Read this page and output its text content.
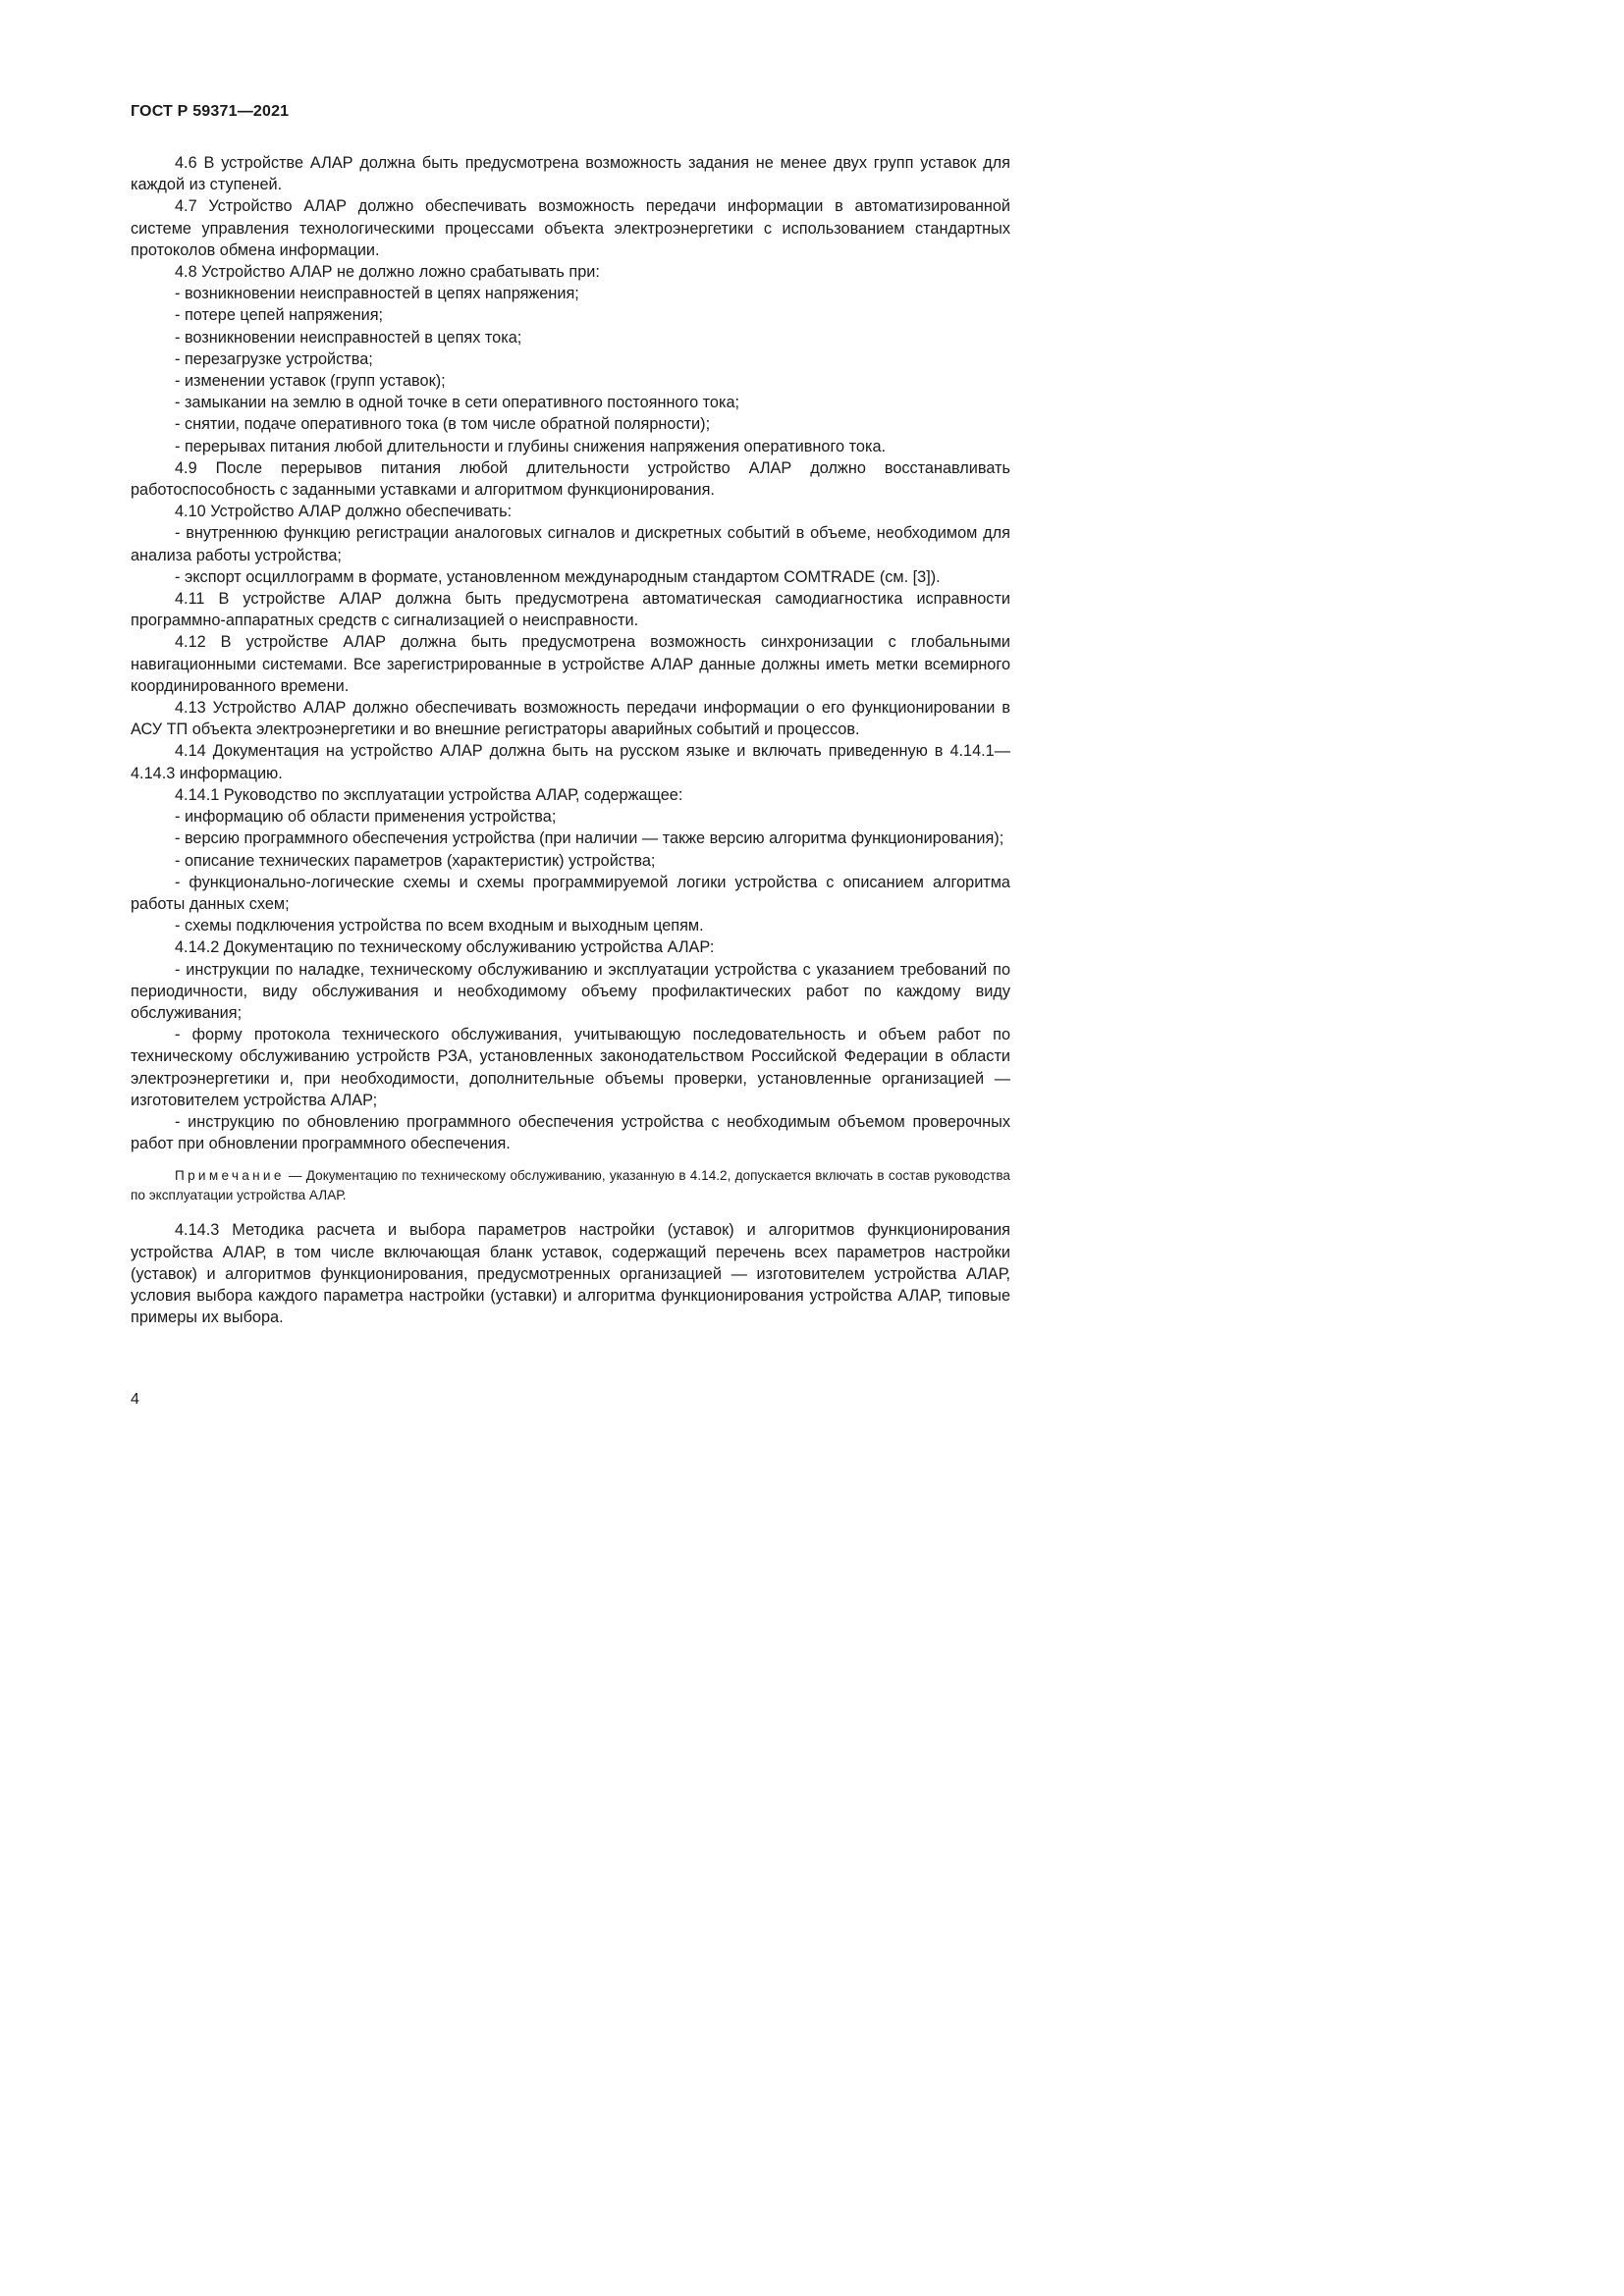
ГОСТ Р 59371—2021

4.6 В устройстве АЛАР должна быть предусмотрена возможность задания не менее двух групп уставок для каждой из ступеней.

4.7 Устройство АЛАР должно обеспечивать возможность передачи информации в автоматизированной системе управления технологическими процессами объекта электроэнергетики с использованием стандартных протоколов обмена информации.

4.8 Устройство АЛАР не должно ложно срабатывать при:

- возникновении неисправностей в цепях напряжения;

- потере цепей напряжения;

- возникновении неисправностей в цепях тока;

- перезагрузке устройства;

- изменении уставок (групп уставок);

- замыкании на землю в одной точке в сети оперативного постоянного тока;

- снятии, подаче оперативного тока (в том числе обратной полярности);

- перерывах питания любой длительности и глубины снижения напряжения оперативного тока.

4.9 После перерывов питания любой длительности устройство АЛАР должно восстанавливать работоспособность с заданными уставками и алгоритмом функционирования.

4.10 Устройство АЛАР должно обеспечивать:

- внутреннюю функцию регистрации аналоговых сигналов и дискретных событий в объеме, необходимом для анализа работы устройства;

- экспорт осциллограмм в формате, установленном международным стандартом COMTRADE (см. [3]).

4.11 В устройстве АЛАР должна быть предусмотрена автоматическая самодиагностика исправности программно-аппаратных средств с сигнализацией о неисправности.

4.12 В устройстве АЛАР должна быть предусмотрена возможность синхронизации с глобальными навигационными системами. Все зарегистрированные в устройстве АЛАР данные должны иметь метки всемирного координированного времени.

4.13 Устройство АЛАР должно обеспечивать возможность передачи информации о его функционировании в АСУ ТП объекта электроэнергетики и во внешние регистраторы аварийных событий и процессов.

4.14 Документация на устройство АЛАР должна быть на русском языке и включать приведенную в 4.14.1—4.14.3 информацию.

4.14.1 Руководство по эксплуатации устройства АЛАР, содержащее:

- информацию об области применения устройства;

- версию программного обеспечения устройства (при наличии — также версию алгоритма функционирования);

- описание технических параметров (характеристик) устройства;

- функционально-логические схемы и схемы программируемой логики устройства с описанием алгоритма работы данных схем;

- схемы подключения устройства по всем входным и выходным цепям.

4.14.2 Документацию по техническому обслуживанию устройства АЛАР:

- инструкции по наладке, техническому обслуживанию и эксплуатации устройства с указанием требований по периодичности, виду обслуживания и необходимому объему профилактических работ по каждому виду обслуживания;

- форму протокола технического обслуживания, учитывающую последовательность и объем работ по техническому обслуживанию устройств РЗА, установленных законодательством Российской Федерации в области электроэнергетики и, при необходимости, дополнительные объемы проверки, установленные организацией — изготовителем устройства АЛАР;

- инструкцию по обновлению программного обеспечения устройства с необходимым объемом проверочных работ при обновлении программного обеспечения.

Примечание — Документацию по техническому обслуживанию, указанную в 4.14.2, допускается включать в состав руководства по эксплуатации устройства АЛАР.

4.14.3 Методика расчета и выбора параметров настройки (уставок) и алгоритмов функционирования устройства АЛАР, в том числе включающая бланк уставок, содержащий перечень всех параметров настройки (уставок) и алгоритмов функционирования, предусмотренных организацией — изготовителем устройства АЛАР, условия выбора каждого параметра настройки (уставки) и алгоритма функционирования устройства АЛАР, типовые примеры их выбора.

4
